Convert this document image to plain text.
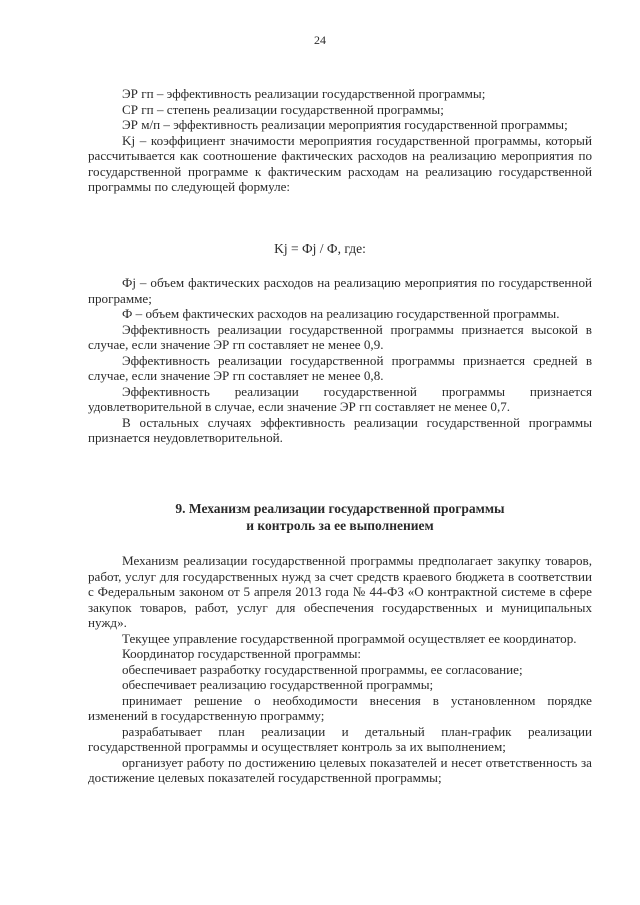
24

ЭР гп – эффективность реализации государственной программы;

СР гп – степень реализации государственной программы;

ЭР м/п – эффективность реализации мероприятия государственной программы;

Kj – коэффициент значимости мероприятия государственной программы, который рассчитывается как соотношение фактических расходов на реализацию мероприятия по государственной программе к фактическим расходам на реализацию государственной программы по следующей формуле:

Kj = Фj / Ф, где:

Фj – объем фактических расходов на реализацию мероприятия по государственной программе;

Ф – объем фактических расходов на реализацию государственной программы.

Эффективность реализации государственной программы признается высокой в случае, если значение ЭР гп составляет не менее 0,9.

Эффективность реализации государственной программы признается средней в случае, если значение ЭР гп составляет не менее 0,8.

Эффективность реализации государственной программы признается удовлетворительной в случае, если значение ЭР гп составляет не менее 0,7.

В остальных случаях эффективность реализации государственной программы признается неудовлетворительной.

9. Механизм реализации государственной программы
и контроль за ее выполнением

Механизм реализации государственной программы предполагает закупку товаров, работ, услуг для государственных нужд за счет средств краевого бюджета в соответствии с Федеральным законом от 5 апреля 2013 года № 44-ФЗ «О контрактной системе в сфере закупок товаров, работ, услуг для обеспечения государственных и муниципальных нужд».

Текущее управление государственной программой осуществляет ее координатор.

Координатор государственной программы:

обеспечивает разработку государственной программы, ее согласование;

обеспечивает реализацию государственной программы;

принимает решение о необходимости внесения в установленном порядке изменений в государственную программу;

разрабатывает план реализации и детальный план-график реализации государственной программы и осуществляет контроль за их выполнением;

организует работу по достижению целевых показателей и несет ответственность за достижение целевых показателей государственной программы;
